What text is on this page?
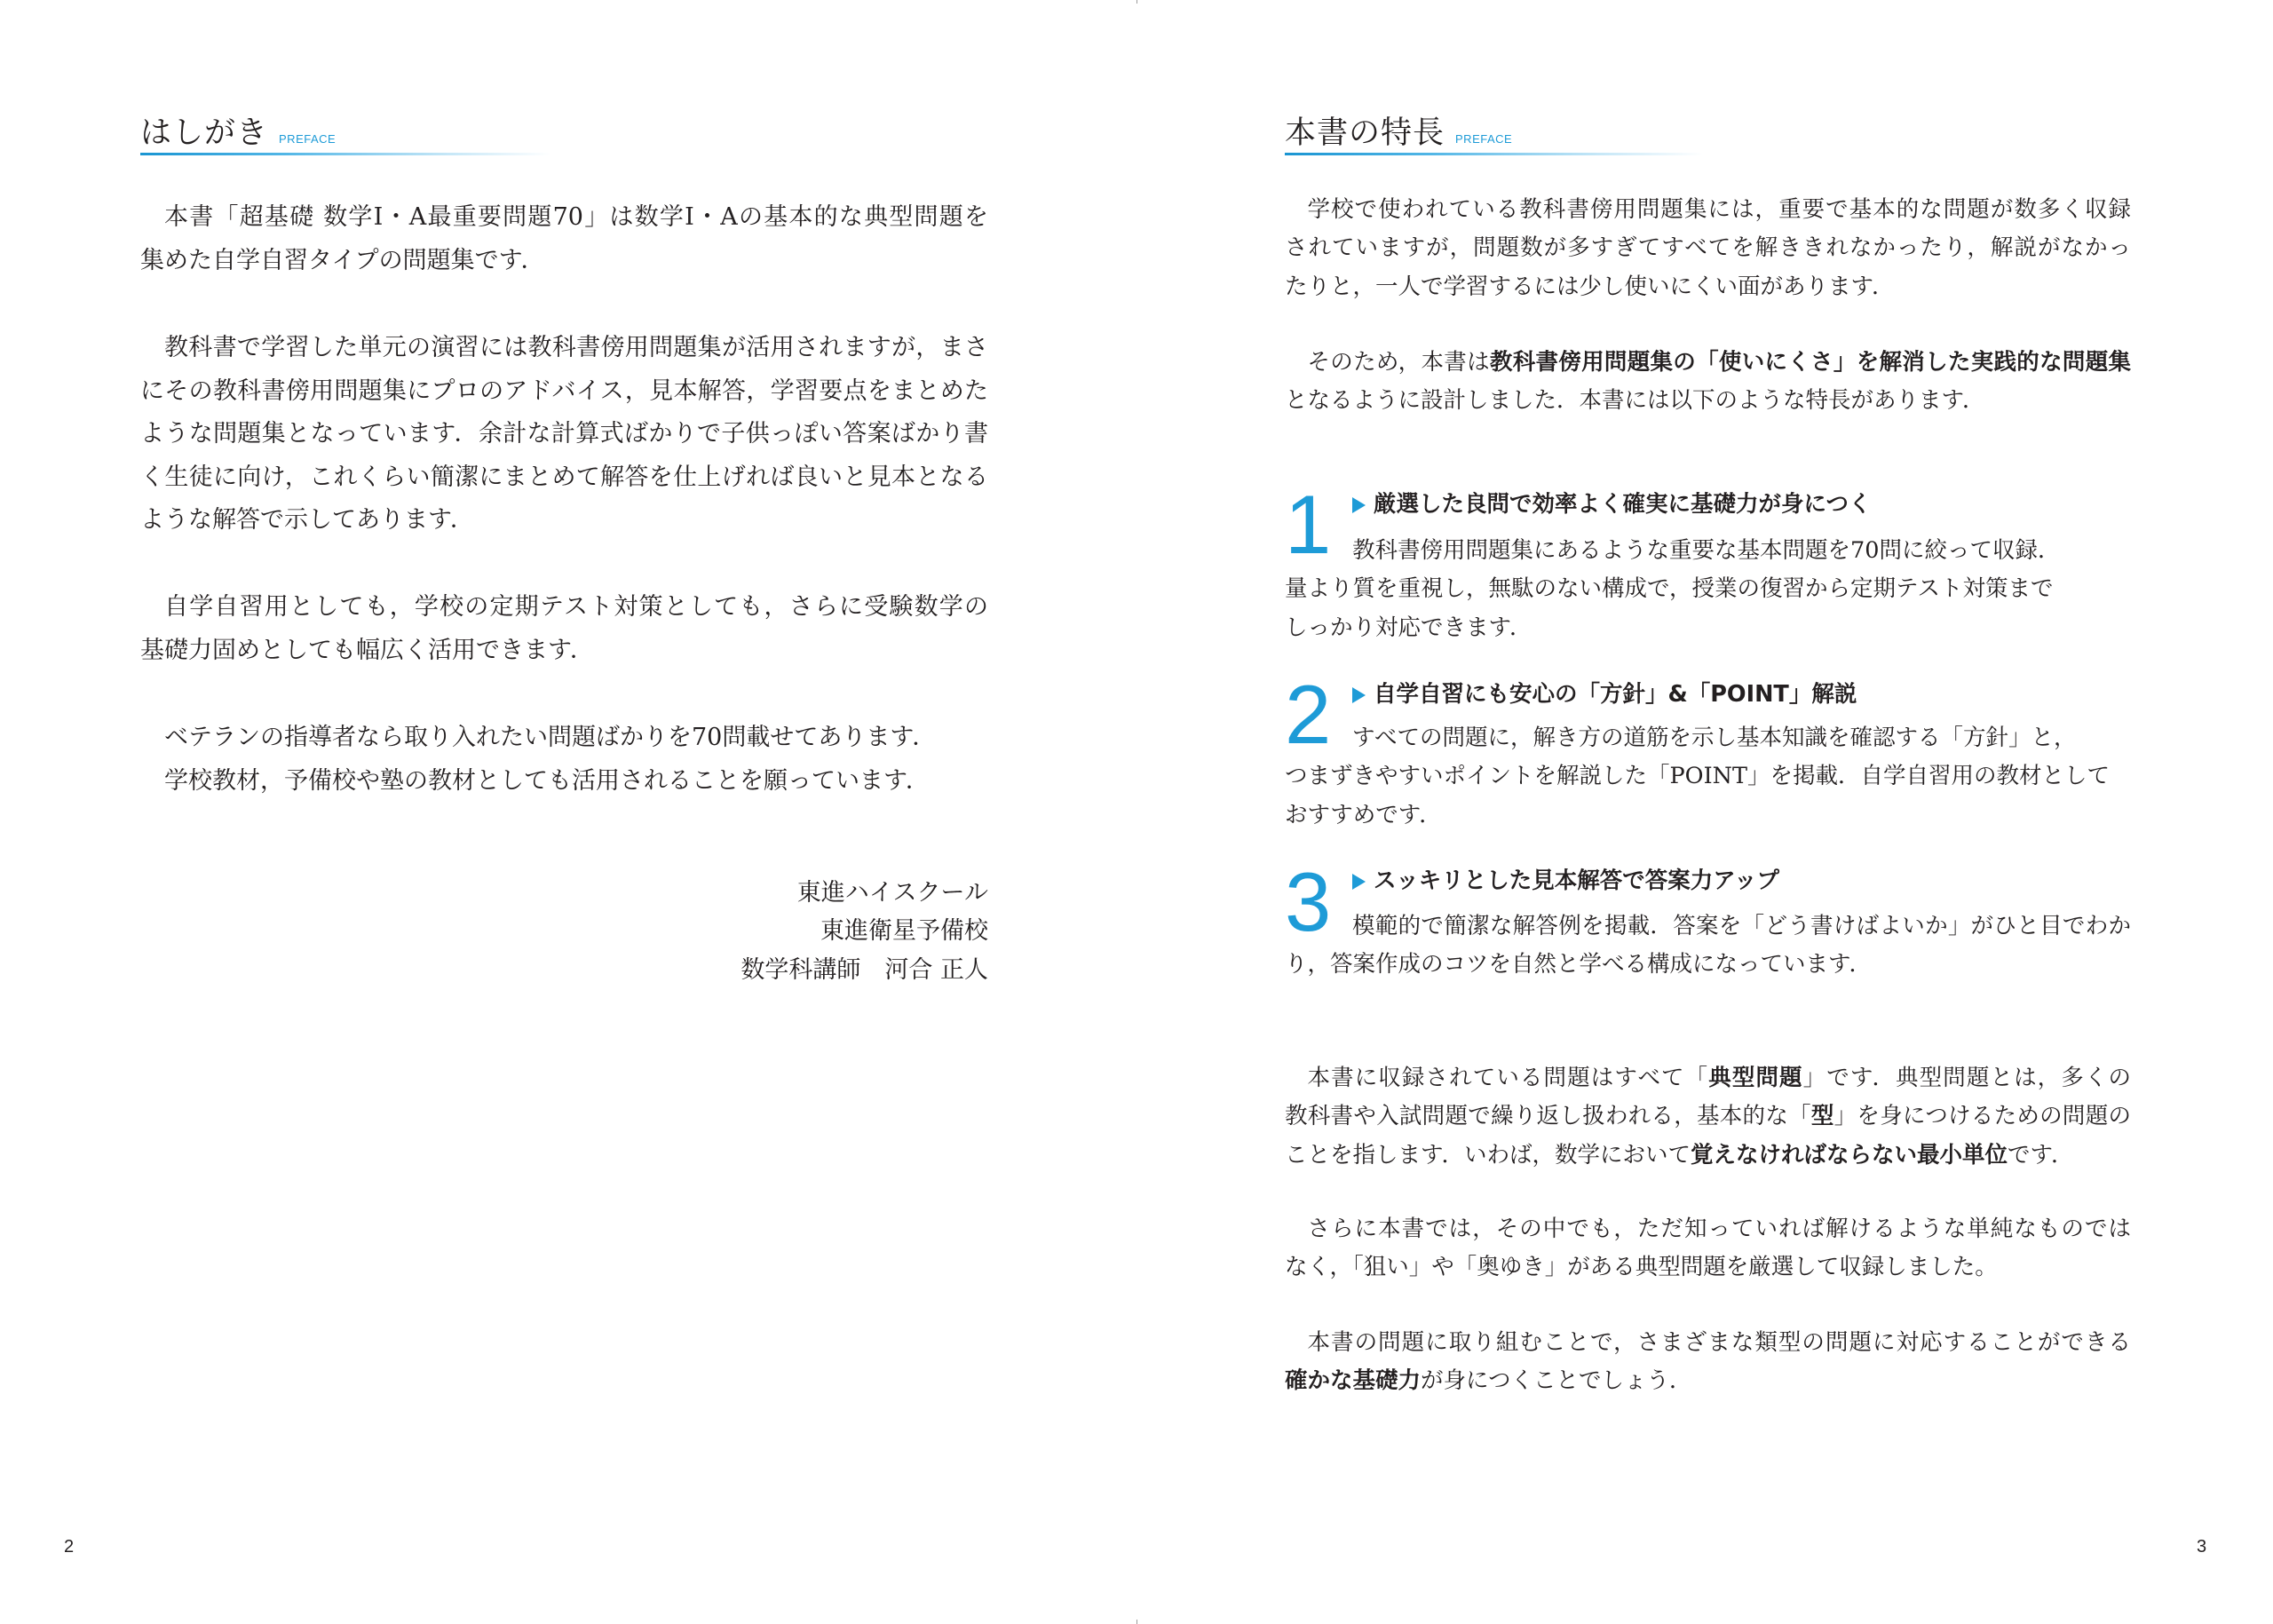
はしがき PREFACE
本書「超基礎 数学Ⅰ・A最重要問題70」は数学Ⅰ・Aの基本的な典型問題を
集めた自学自習タイプの問題集です．
教科書で学習した単元の演習には教科書傍用問題集が活用されますが，まさ
にその教科書傍用問題集にプロのアドバイス，見本解答，学習要点をまとめた
ような問題集となっています．余計な計算式ばかりで子供っぽい答案ばかり書
く生徒に向け，これくらい簡潔にまとめて解答を仕上げれば良いと見本となる
ような解答で示してあります．
自学自習用としても，学校の定期テスト対策としても，さらに受験数学の
基礎力固めとしても幅広く活用できます．
ベテランの指導者なら取り入れたい問題ばかりを70問載せてあります．
学校教材，予備校や塾の教材としても活用されることを願っています．
東進ハイスクール
東進衛星予備校
数学科講師　河合 正人
2
本書の特長 PREFACE
学校で使われている教科書傍用問題集には，重要で基本的な問題が数多く収録
されていますが，問題数が多すぎてすべてを解ききれなかったり，解説がなかっ
たりと，一人で学習するには少し使いにくい面があります．
そのため，本書は教科書傍用問題集の「使いにくさ」を解消した実践的な問題集
となるように設計しました．本書には以下のような特長があります．
1 厳選した良問で効率よく確実に基礎力が身につく
教科書傍用問題集にあるような重要な基本問題を70問に絞って収録．
量より質を重視し，無駄のない構成で，授業の復習から定期テスト対策まで
しっかり対応できます．
2 自学自習にも安心の「方針」&「POINT」解説
すべての問題に，解き方の道筋を示し基本知識を確認する「方針」と，
つまずきやすいポイントを解説した「POINT」を掲載．自学自習用の教材として
おすすめです．
3 スッキリとした見本解答で答案力アップ
模範的で簡潔な解答例を掲載．答案を「どう書けばよいか」がひと目でわか
り，答案作成のコツを自然と学べる構成になっています．
本書に収録されている問題はすべて「典型問題」です．典型問題とは，多くの
教科書や入試問題で繰り返し扱われる，基本的な「型」を身につけるための問題の
ことを指します．いわば，数学において覚えなければならない最小単位です．
さらに本書では，その中でも，ただ知っていれば解けるような単純なものでは
なく，「狙い」や「奥ゆき」がある典型問題を厳選して収録しました。
本書の問題に取り組むことで，さまざまな類型の問題に対応することができる
確かな基礎力が身につくことでしょう．
3
